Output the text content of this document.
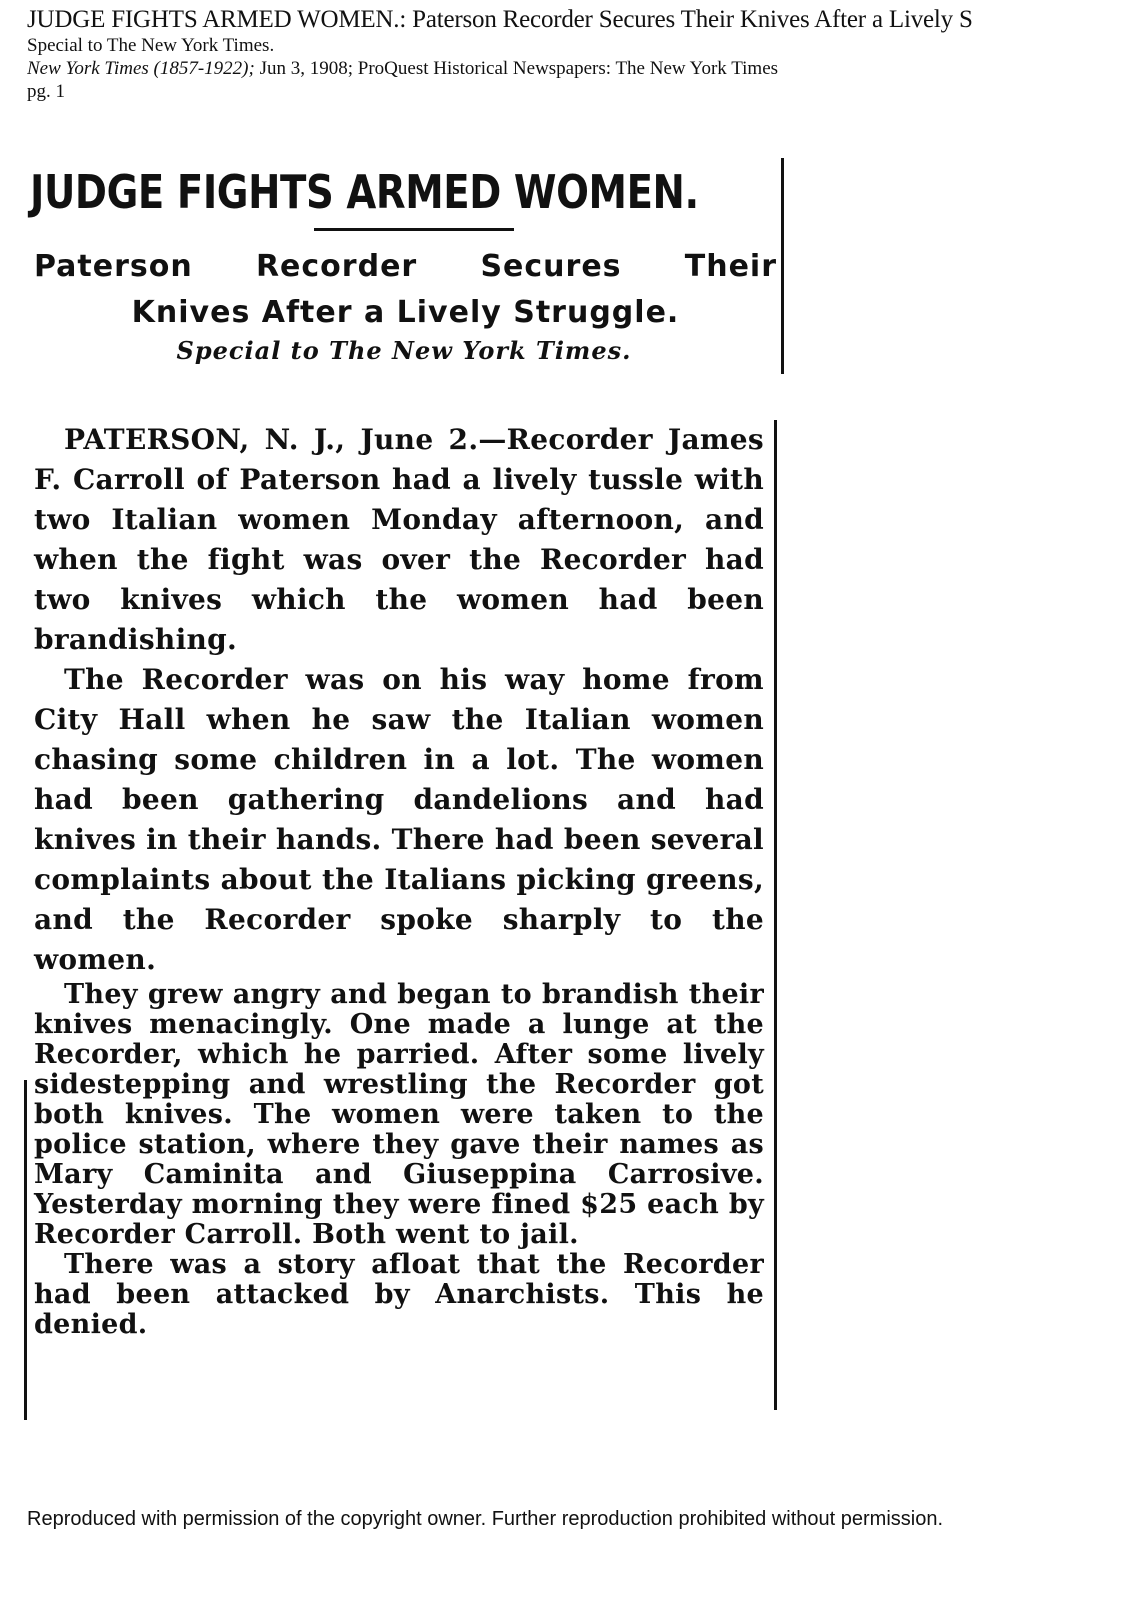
JUDGE FIGHTS ARMED WOMEN.: Paterson Recorder Secures Their Knives After a Lively S
Special to The New York Times.
New York Times (1857-1922); Jun 3, 1908; ProQuest Historical Newspapers: The New York Times
pg. 1
JUDGE FIGHTS ARMED WOMEN.
Paterson Recorder Secures Their
Knives After a Lively Struggle.
Special to The New York Times.

PATERSON, N. J., June 2.—Recorder James F. Carroll of Paterson had a lively tussle with two Italian women Monday afternoon, and when the fight was over the Recorder had two knives which the women had been brandishing.

The Recorder was on his way home from City Hall when he saw the Italian women chasing some children in a lot. The women had been gathering dandelions and had knives in their hands. There had been several complaints about the Italians picking greens, and the Recorder spoke sharply to the women.

They grew angry and began to brandish their knives menacingly. One made a lunge at the Recorder, which he parried. After some lively sidestepping and wrestling the Recorder got both knives. The women were taken to the police station, where they gave their names as Mary Caminita and Giuseppina Carrosive. Yesterday morning they were fined $25 each by Recorder Carroll. Both went to jail.

There was a story afloat that the Recorder had been attacked by Anarchists. This he denied.

Reproduced with permission of the copyright owner. Further reproduction prohibited without permission.
